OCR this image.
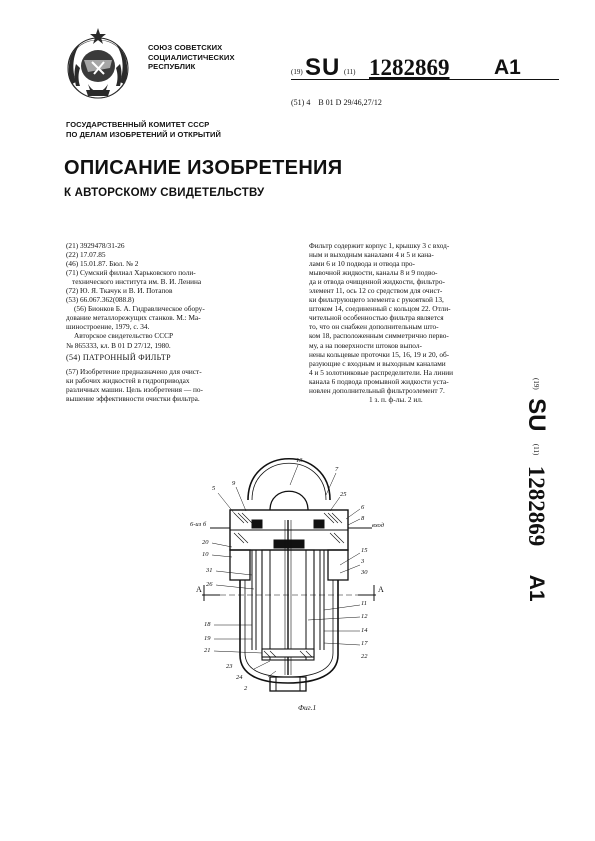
СОЮЗ СОВЕТСКИХ
СОЦИАЛИСТИЧЕСКИХ
РЕСПУБЛИК
(19) SU (11) 1282869 A1
(51) 4 В 01 D 29/46,27/12
ГОСУДАРСТВЕННЫЙ КОМИТЕТ СССР
ПО ДЕЛАМ ИЗОБРЕТЕНИЙ И ОТКРЫТИЙ
ОПИСАНИЕ ИЗОБРЕТЕНИЯ
К АВТОРСКОМУ СВИДЕТЕЛЬСТВУ
(21) 3929478/31-26
(22) 17.07.85
(46) 15.01.87. Бюл. № 2
(71) Сумский филиал Харьковского поли-
технического института им. В. И. Ленина
(72) Ю. Я. Ткачук и В. И. Потапов
(53) 66.067.362(088.8)
(56) Бионков Б. А. Гидравлическое обору-
дование металлорежущих станков. М.: Ма-
шиностроение, 1979, с. 34.
Авторское свидетельство СССР
№ 865333, кл. В 01 D 27/12, 1980.
(54) ПАТРОННЫЙ ФИЛЬТР
(57) Изобретение предназначено для очист-
ки рабочих жидкостей в гидроприводах
различных машин. Цель изобретения — по-
вышение эффективности очистки фильтра.
Фильтр содержит корпус 1, крышку 3 с вход-
ным и выходным каналами 4 и 5 и кана-
лами 6 и 10 подвода и отвода про-
мывочной жидкости, каналы 8 и 9 подво-
да и отвода очищенной жидкости, фильтро-
элемент 11, ось 12 со средством для очист-
ки фильтрующего элемента с рукояткой 13,
штоком 14, соединенный с кольцом 22. Отли-
чительной особенностью фильтра является
то, что он снабжен дополнительным што-
ком 18, расположенным симметрично перво-
му, а на поверхности штоков выпол-
нены кольцевые проточки 15, 16, 19 и 20, об-
разующие с входным и выходным каналами
4 и 5 золотниковые распределители. На линии
канала 6 подвода промывной жидкости уста-
новлен дополнительный фильтроэлемент 7.
1 з. п. ф-лы. 2 ил.
(19) SU (11) 1282869 A1
5
9
13
7
25
6
8
вход
6-из б
15
3
30
11
12
14
17
22
20
10
31
26
18
19
21
23
24
2
А	А
Фиг.1
